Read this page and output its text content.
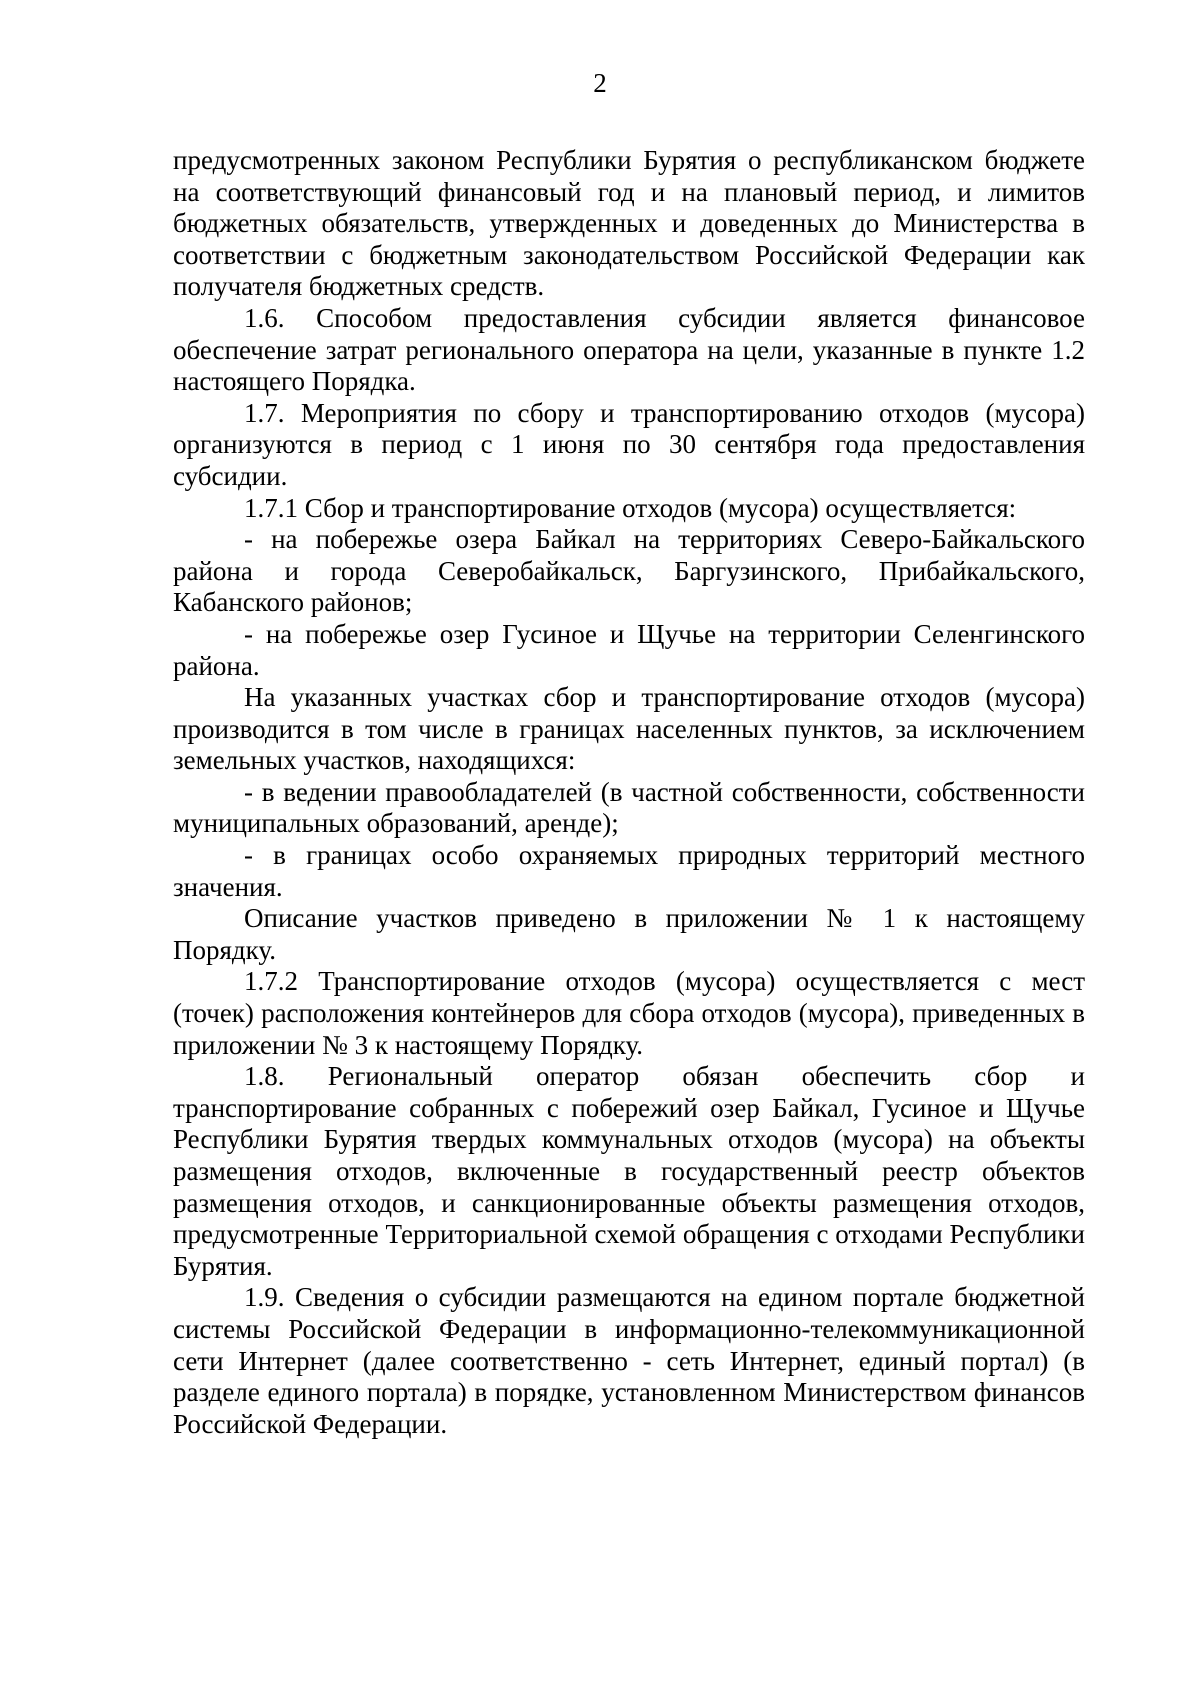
2

предусмотренных законом Республики Бурятия о республиканском бюджете на соответствующий финансовый год и на плановый период, и лимитов бюджетных обязательств, утвержденных и доведенных до Министерства в соответствии с бюджетным законодательством Российской Федерации как получателя бюджетных средств.

1.6. Способом предоставления субсидии является финансовое обеспечение затрат регионального оператора на цели, указанные в пункте 1.2 настоящего Порядка.

1.7. Мероприятия по сбору и транспортированию отходов (мусора) организуются в период с 1 июня по 30 сентября года предоставления субсидии.

1.7.1 Сбор и транспортирование отходов (мусора) осуществляется:

- на побережье озера Байкал на территориях Северо-Байкальского района и города Северобайкальск, Баргузинского, Прибайкальского, Кабанского районов;

- на побережье озер Гусиное и Щучье на территории Селенгинского района.

На указанных участках сбор и транспортирование отходов (мусора) производится в том числе в границах населенных пунктов, за исключением земельных участков, находящихся:

- в ведении правообладателей (в частной собственности, собственности муниципальных образований, аренде);

- в границах особо охраняемых природных территорий местного значения.

Описание участков приведено в приложении № 1 к настоящему Порядку.

1.7.2 Транспортирование отходов (мусора) осуществляется с мест (точек) расположения контейнеров для сбора отходов (мусора), приведенных в приложении № 3 к настоящему Порядку.

1.8. Региональный оператор обязан обеспечить сбор и транспортирование собранных с побережий озер Байкал, Гусиное и Щучье Республики Бурятия твердых коммунальных отходов (мусора) на объекты размещения отходов, включенные в государственный реестр объектов размещения отходов, и санкционированные объекты размещения отходов, предусмотренные Территориальной схемой обращения с отходами Республики Бурятия.

1.9. Сведения о субсидии размещаются на едином портале бюджетной системы Российской Федерации в информационно-телекоммуникационной сети Интернет (далее соответственно - сеть Интернет, единый портал) (в разделе единого портала) в порядке, установленном Министерством финансов Российской Федерации.
